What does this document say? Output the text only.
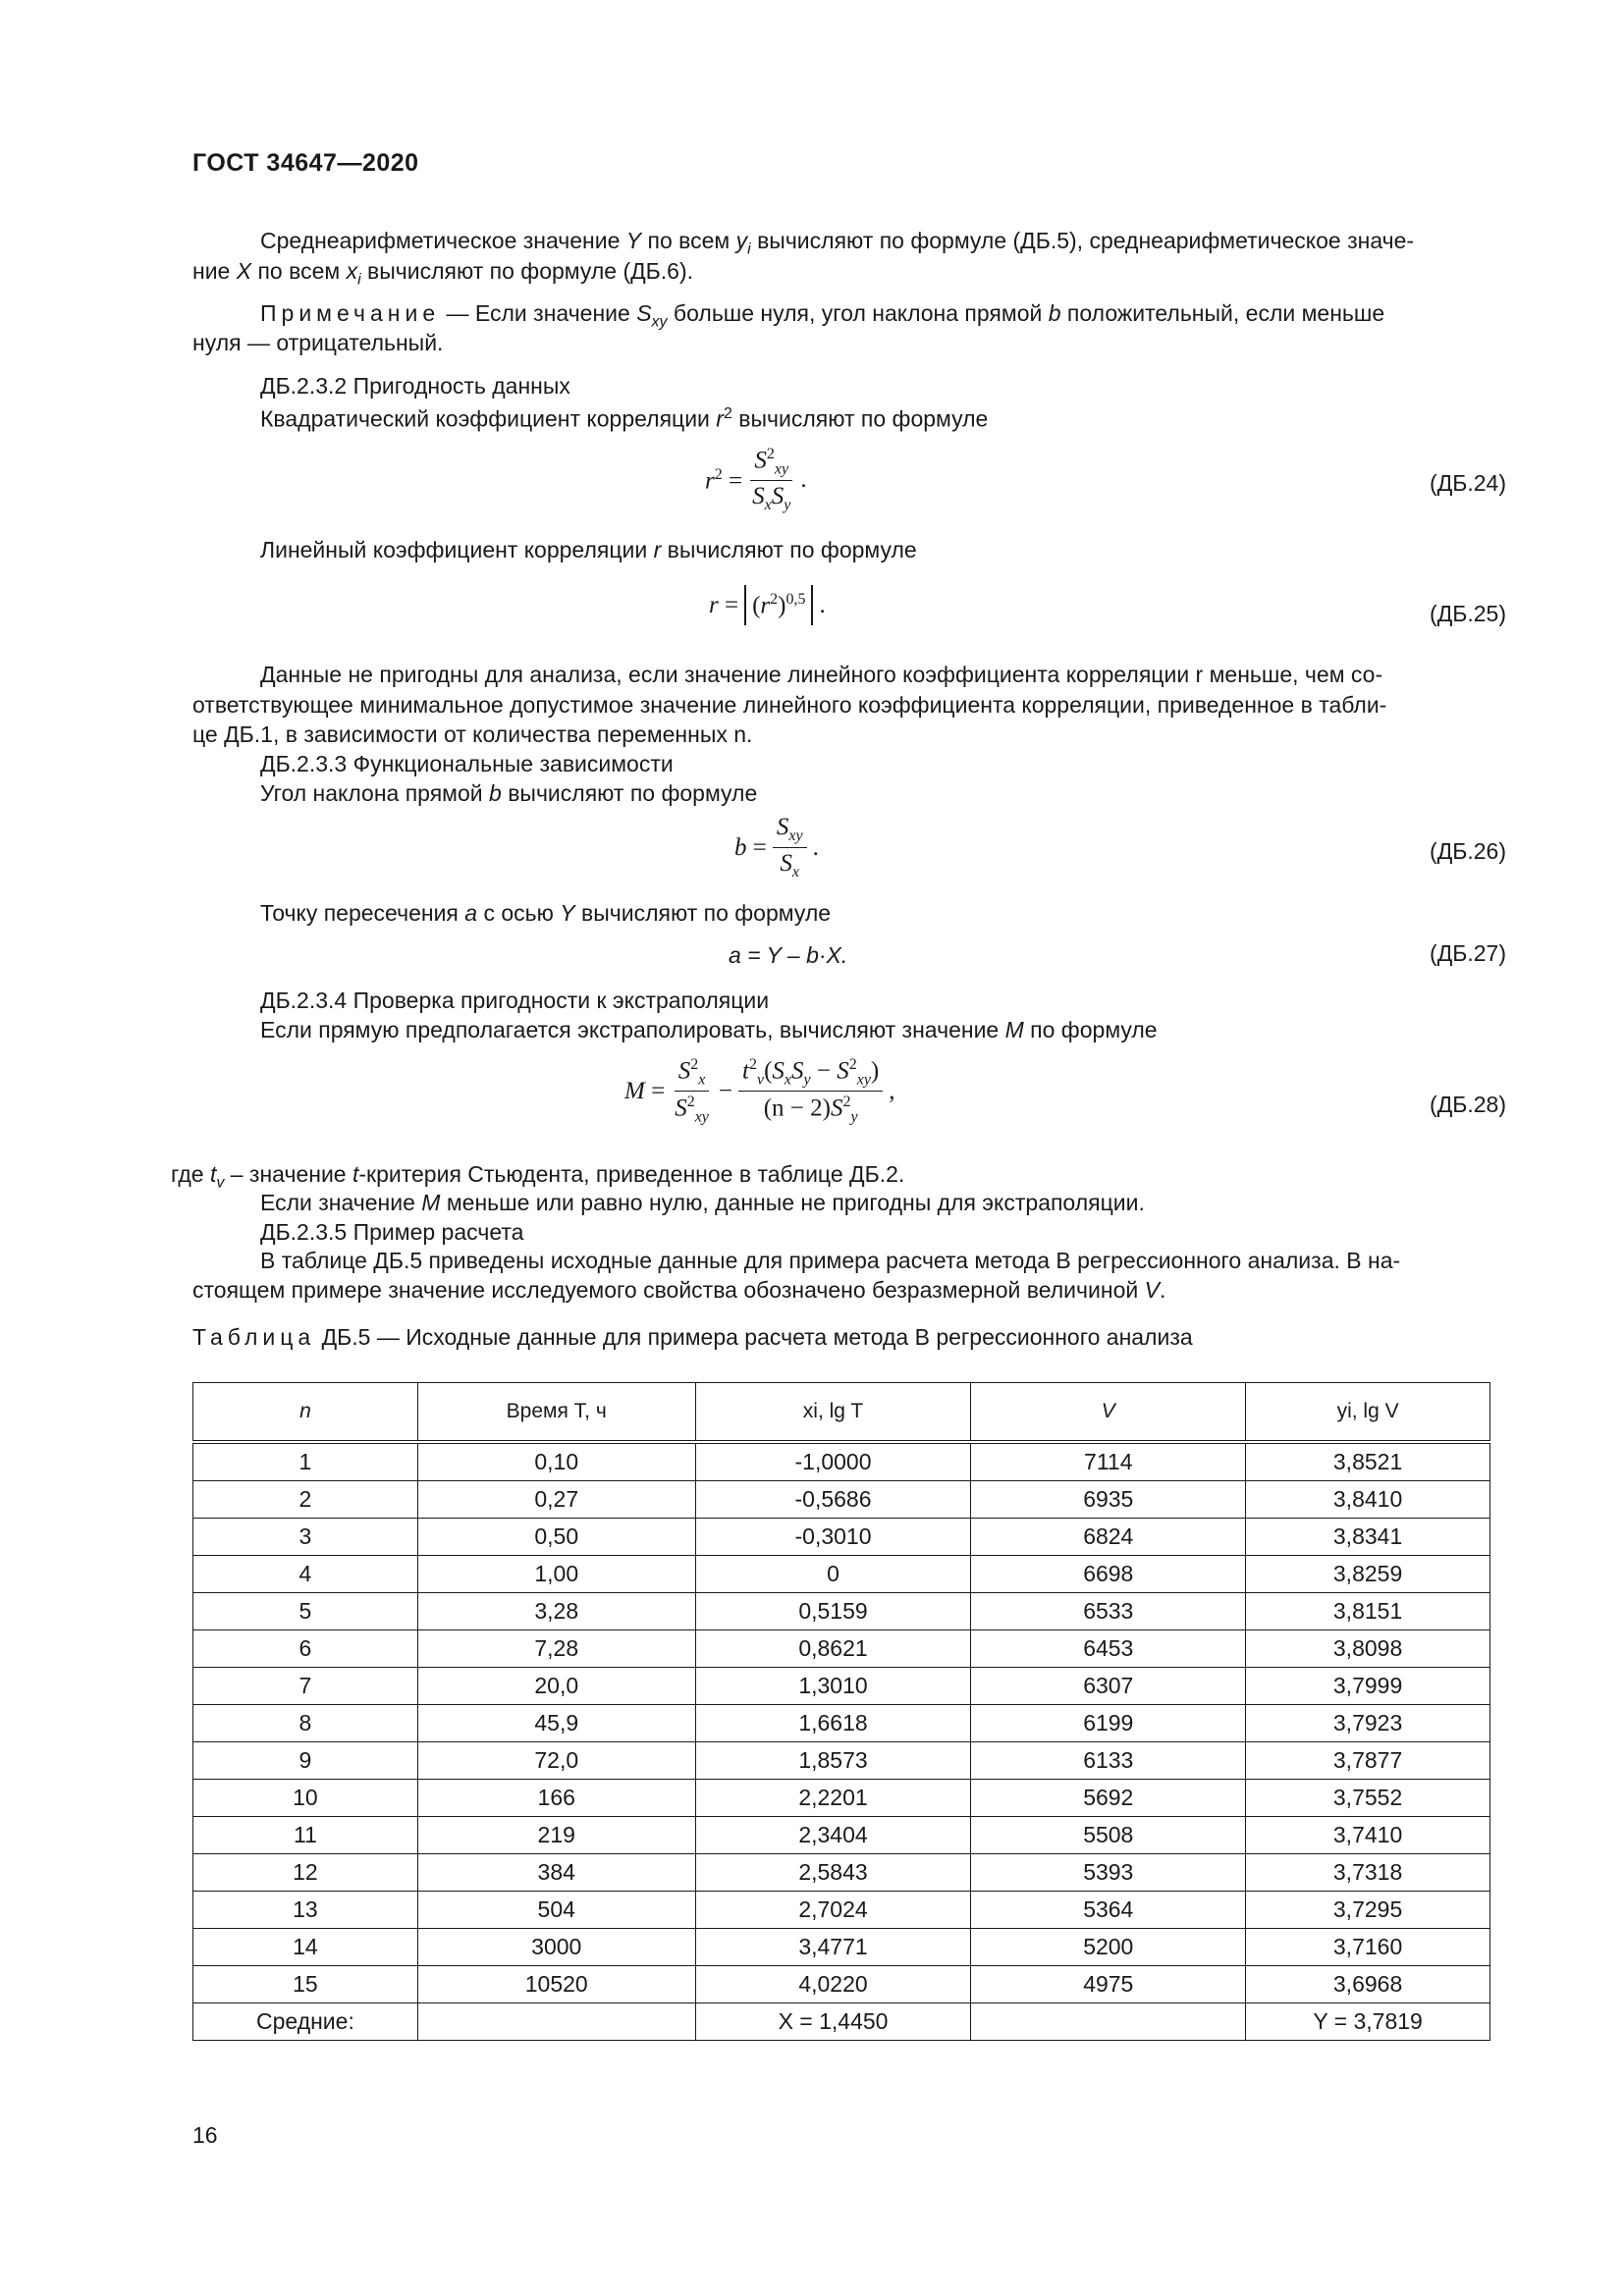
ГОСТ 34647—2020
Среднеарифметическое значение Y по всем $y_i$ вычисляют по формуле (ДБ.5), среднеарифметическое значе-
ние X по всем $x_i$ вычисляют по формуле (ДБ.6).
Примечание — Если значение $S_{xy}$ больше нуля, угол наклона прямой b положительный, если меньше
нуля — отрицательный.
ДБ.2.3.2 Пригодность данных
Квадратический коэффициент корреляции $r^2$ вычисляют по формуле
$r^2 = \frac{S^2_{xy}}{S_xS_y}$ .	(ДБ.24)
Линейный коэффициент корреляции r вычисляют по формуле
$r = (r^2)^{0,5}$ .	(ДБ.25)
Данные не пригодны для анализа, если значение линейного коэффициента корреляции r меньше, чем со-
ответствующее минимальное допустимое значение линейного коэффициента корреляции, приведенное в табли-
це ДБ.1, в зависимости от количества переменных n.
ДБ.2.3.3 Функциональные зависимости
Угол наклона прямой b вычисляют по формуле
$b = \frac{S_{xy}}{S_x}$ .	(ДБ.26)
Точку пересечения a с осью Y вычисляют по формуле
a = Y – b·X.	(ДБ.27)
ДБ.2.3.4 Проверка пригодности к экстраполяции
Если прямую предполагается экстраполировать, вычисляют значение M по формуле
$M = \frac{S^2_x}{S^2_{xy}} - \frac{t^2_v(S_xS_y - S^2_{xy})}{(n - 2)S^2_y}$ ,
(ДБ.28)
где $t_v$ – значение t-критерия Стьюдента, приведенное в таблице ДБ.2.
Если значение M меньше или равно нулю, данные не пригодны для экстраполяции.
ДБ.2.3.5 Пример расчета
В таблице ДБ.5 приведены исходные данные для примера расчета метода В регрессионного анализа. В на-
стоящем примере значение исследуемого свойства обозначено безразмерной величиной V.
Таблица ДБ.5 — Исходные данные для примера расчета метода В регрессионного анализа
n	Время T, ч	xi, lg T	V	yi, lg V
1	0,10	-1,0000	7114	3,8521
2	0,27	-0,5686	6935	3,8410
3	0,50	-0,3010	6824	3,8341
4	1,00	0	6698	3,8259
5	3,28	0,5159	6533	3,8151
6	7,28	0,8621	6453	3,8098
7	20,0	1,3010	6307	3,7999
8	45,9	1,6618	6199	3,7923
9	72,0	1,8573	6133	3,7877
10	166	2,2201	5692	3,7552
11	219	2,3404	5508	3,7410
12	384	2,5843	5393	3,7318
13	504	2,7024	5364	3,7295
14	3000	3,4771	5200	3,7160
15	10520	4,0220	4975	3,6968
Средние:		X = 1,4450		Y = 3,7819
16
